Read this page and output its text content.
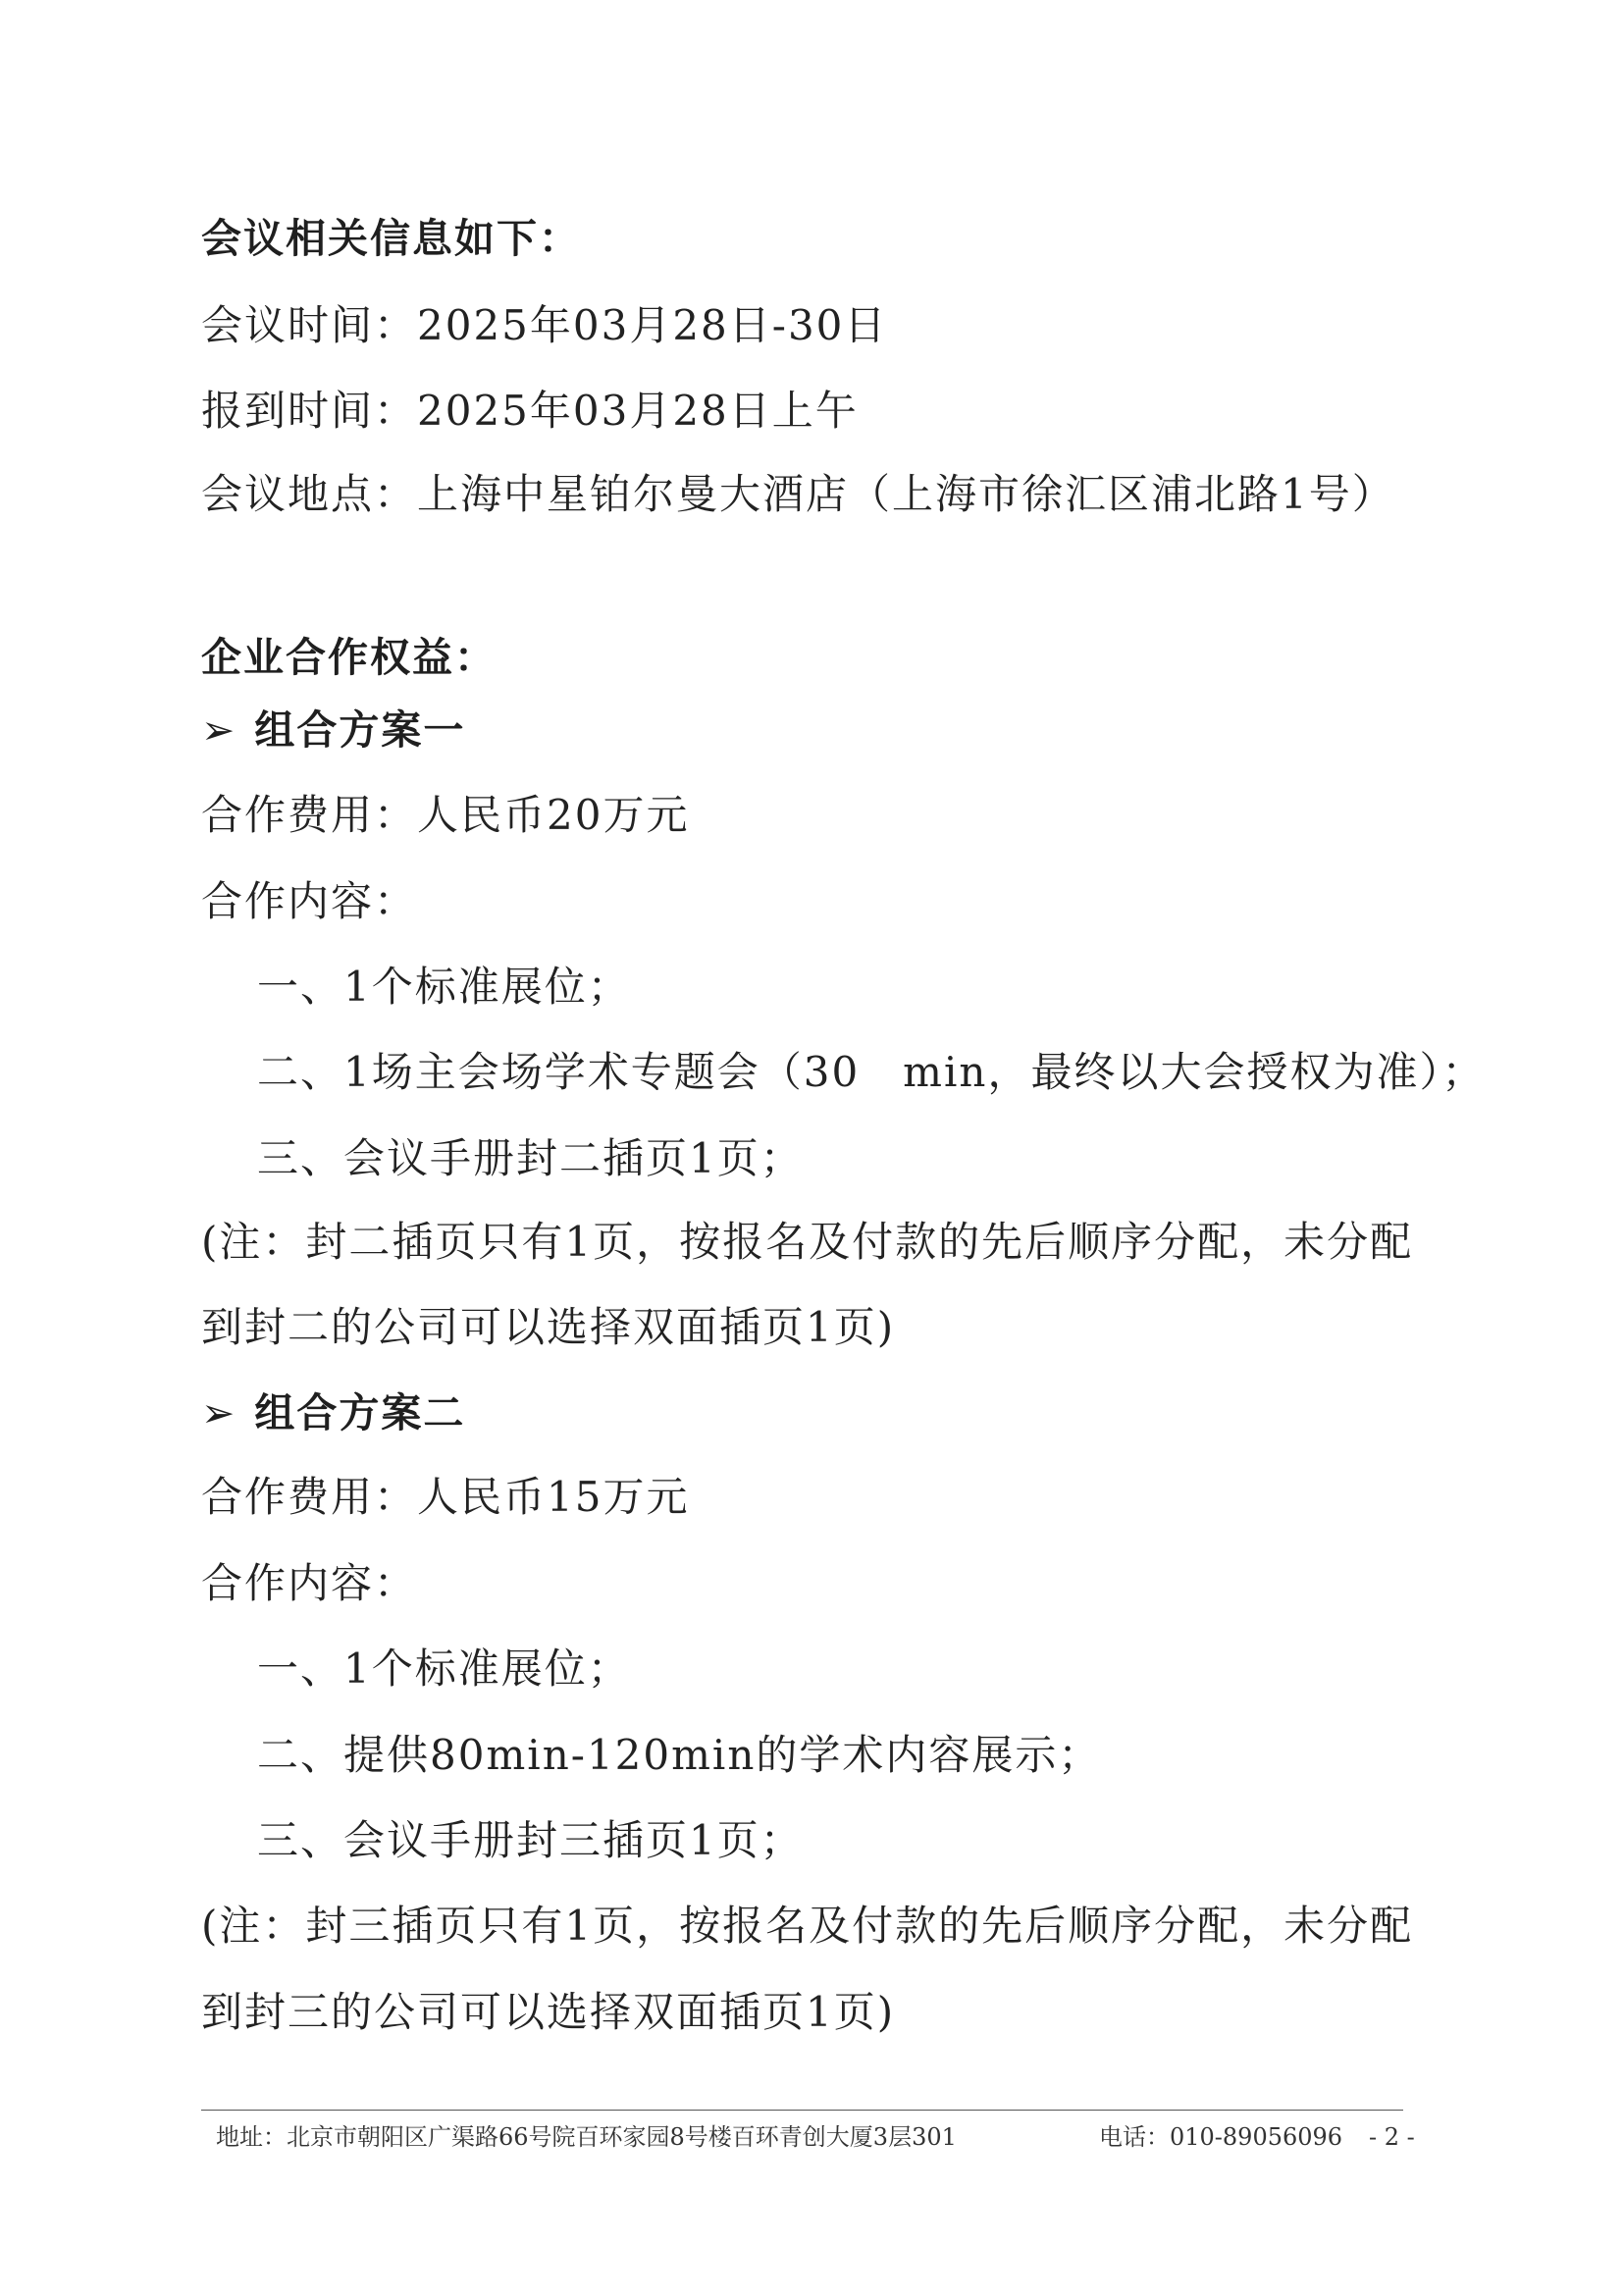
会议相关信息如下：
会议时间：2025年03月28日-30日
报到时间：2025年03月28日上午
会议地点：上海中星铂尔曼大酒店（上海市徐汇区浦北路1号）
企业合作权益：
➢ 组合方案一
合作费用：人民币20万元
合作内容：
一、1个标准展位；
二、1场主会场学术专题会（30　min，最终以大会授权为准）；
三、会议手册封二插页1页；
(注：封二插页只有1页，按报名及付款的先后顺序分配，未分配
到封二的公司可以选择双面插页1页)
➢ 组合方案二
合作费用：人民币15万元
合作内容：
一、1个标准展位；
二、提供80min-120min的学术内容展示；
三、会议手册封三插页1页；
(注：封三插页只有1页，按报名及付款的先后顺序分配，未分配
到封三的公司可以选择双面插页1页)
地址：北京市朝阳区广渠路66号院百环家园8号楼百环青创大厦3层301	电话：010-89056096 - 2 -
